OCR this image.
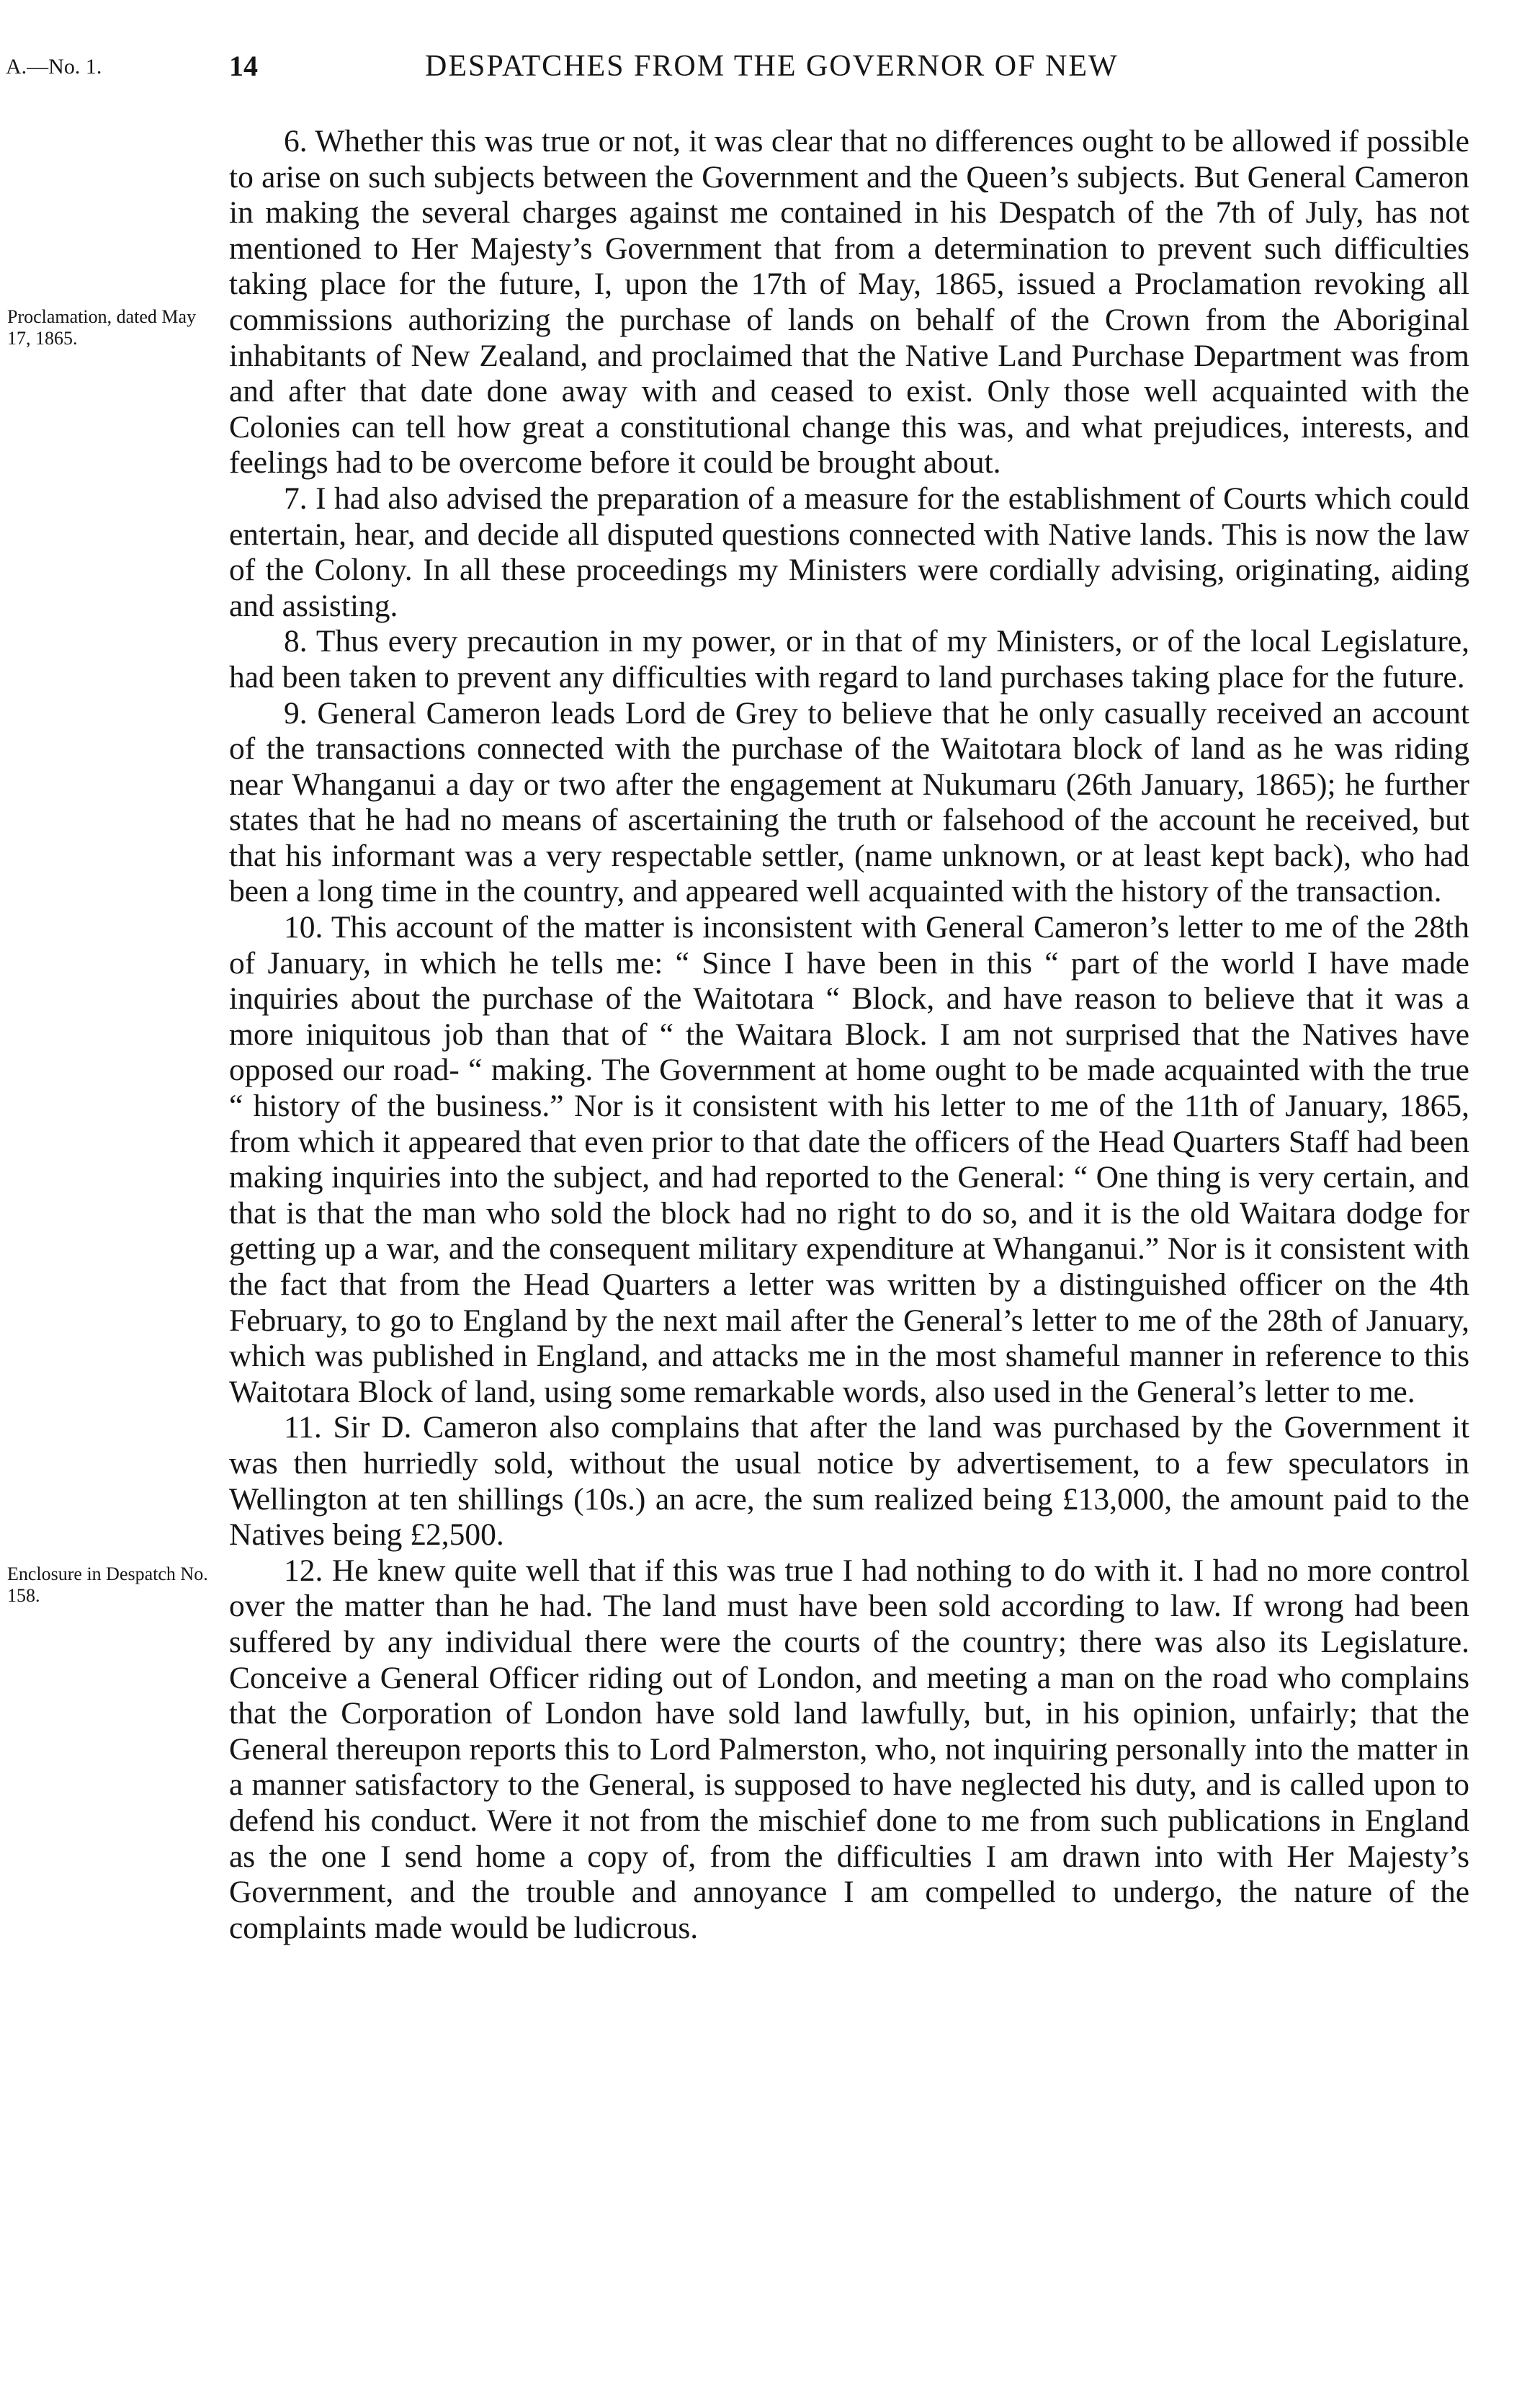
A.—No. 1.	14	DESPATCHES FROM THE GOVERNOR OF NEW
Proclamation, dated May 17, 1865.
Enclosure in Despatch No. 158.

6. Whether this was true or not, it was clear that no differences ought to be allowed if possible to arise on such subjects between the Government and the Queen’s subjects. But General Cameron in making the several charges against me contained in his Despatch of the 7th of July, has not mentioned to Her Majesty’s Government that from a determination to prevent such difficulties taking place for the future, I, upon the 17th of May, 1865, issued a Proclamation revoking all commissions authorizing the purchase of lands on behalf of the Crown from the Aboriginal inhabitants of New Zealand, and proclaimed that the Native Land Purchase Department was from and after that date done away with and ceased to exist. Only those well acquainted with the Colonies can tell how great a constitutional change this was, and what prejudices, interests, and feelings had to be overcome before it could be brought about.

7. I had also advised the preparation of a measure for the establishment of Courts which could entertain, hear, and decide all disputed questions connected with Native lands. This is now the law of the Colony. In all these proceedings my Ministers were cordially advising, originating, aiding and assisting.

8. Thus every precaution in my power, or in that of my Ministers, or of the local Legislature, had been taken to prevent any difficulties with regard to land purchases taking place for the future.

9. General Cameron leads Lord de Grey to believe that he only casually received an account of the transactions connected with the purchase of the Waitotara block of land as he was riding near Whanganui a day or two after the engagement at Nukumaru (26th January, 1865); he further states that he had no means of ascertaining the truth or falsehood of the account he received, but that his informant was a very respectable settler, (name unknown, or at least kept back), who had been a long time in the country, and appeared well acquainted with the history of the transaction.

10. This account of the matter is inconsistent with General Cameron’s letter to me of the 28th of January, in which he tells me: “ Since I have been in this “ part of the world I have made inquiries about the purchase of the Waitotara “ Block, and have reason to believe that it was a more iniquitous job than that of “ the Waitara Block. I am not surprised that the Natives have opposed our road- “ making. The Government at home ought to be made acquainted with the true “ history of the business.” Nor is it consistent with his letter to me of the 11th of January, 1865, from which it appeared that even prior to that date the officers of the Head Quarters Staff had been making inquiries into the subject, and had reported to the General: “ One thing is very certain, and that is that the man who sold the block had no right to do so, and it is the old Waitara dodge for getting up a war, and the consequent military expenditure at Whanganui.” Nor is it consistent with the fact that from the Head Quarters a letter was written by a distinguished officer on the 4th February, to go to England by the next mail after the General’s letter to me of the 28th of January, which was published in England, and attacks me in the most shameful manner in reference to this Waitotara Block of land, using some remarkable words, also used in the General’s letter to me.

11. Sir D. Cameron also complains that after the land was purchased by the Government it was then hurriedly sold, without the usual notice by advertisement, to a few speculators in Wellington at ten shillings (10s.) an acre, the sum realized being £13,000, the amount paid to the Natives being £2,500.

12. He knew quite well that if this was true I had nothing to do with it. I had no more control over the matter than he had. The land must have been sold according to law. If wrong had been suffered by any individual there were the courts of the country; there was also its Legislature. Conceive a General Officer riding out of London, and meeting a man on the road who complains that the Corporation of London have sold land lawfully, but, in his opinion, unfairly; that the General thereupon reports this to Lord Palmerston, who, not inquiring personally into the matter in a manner satisfactory to the General, is supposed to have neglected his duty, and is called upon to defend his conduct. Were it not from the mischief done to me from such publications in England as the one I send home a copy of, from the difficulties I am drawn into with Her Majesty’s Government, and the trouble and annoyance I am compelled to undergo, the nature of the complaints made would be ludicrous.
